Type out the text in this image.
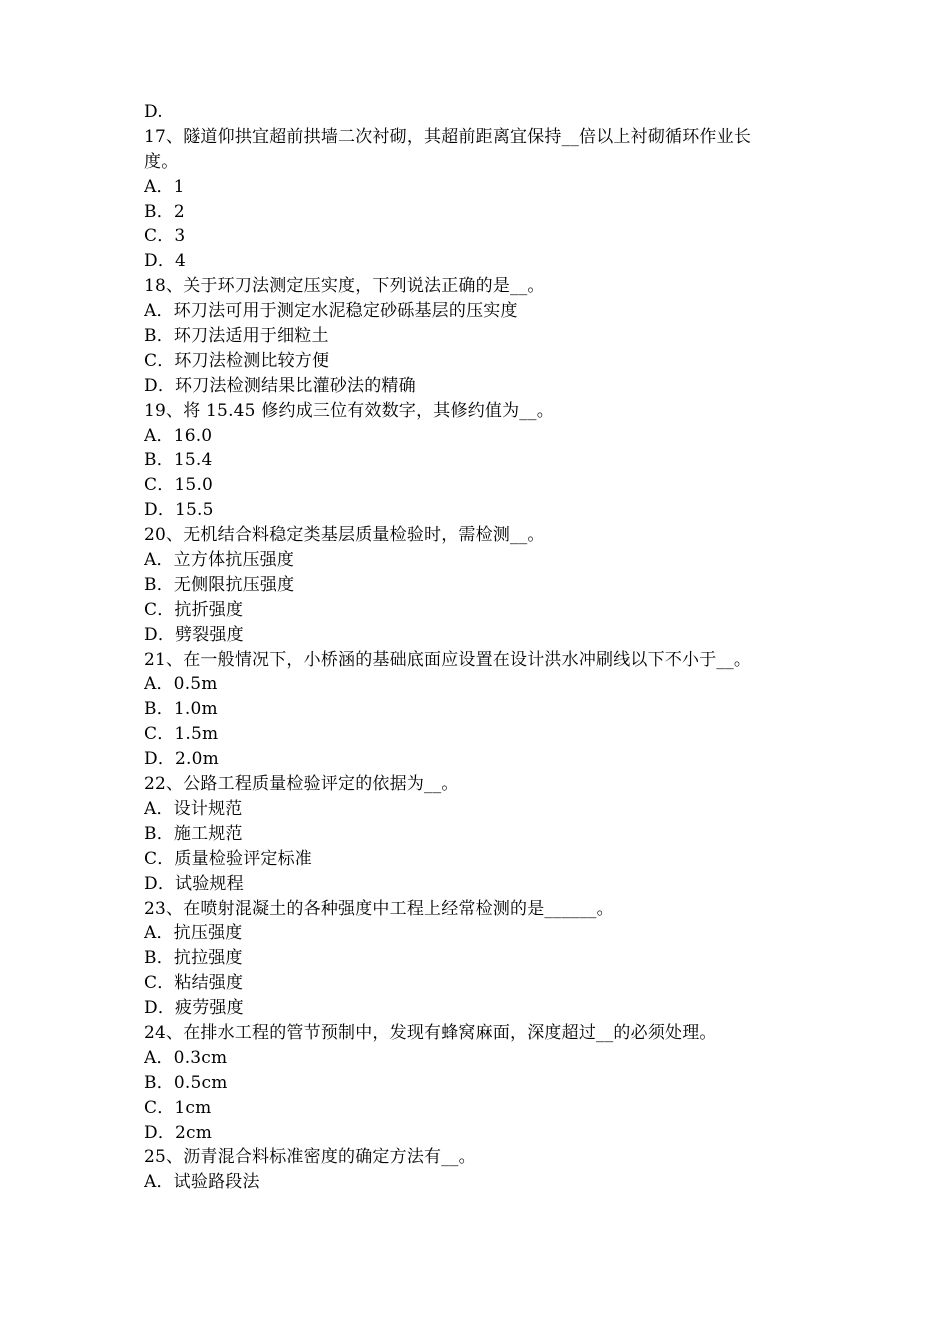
D.
17、隧道仰拱宜超前拱墙二次衬砌，其超前距离宜保持__倍以上衬砌循环作业长
度。
A．1
B．2
C．3
D．4
18、关于环刀法测定压实度，下列说法正确的是__。
A．环刀法可用于测定水泥稳定砂砾基层的压实度
B．环刀法适用于细粒土
C．环刀法检测比较方便
D．环刀法检测结果比灌砂法的精确
19、将 15.45 修约成三位有效数字，其修约值为__。
A．16.0
B．15.4
C．15.0
D．15.5
20、无机结合料稳定类基层质量检验时，需检测__。
A．立方体抗压强度
B．无侧限抗压强度
C．抗折强度
D．劈裂强度
21、在一般情况下，小桥涵的基础底面应设置在设计洪水冲刷线以下不小于__。
A．0.5m
B．1.0m
C．1.5m
D．2.0m
22、公路工程质量检验评定的依据为__。
A．设计规范
B．施工规范
C．质量检验评定标准
D．试验规程
23、在喷射混凝土的各种强度中工程上经常检测的是______。
A．抗压强度
B．抗拉强度
C．粘结强度
D．疲劳强度
24、在排水工程的管节预制中，发现有蜂窝麻面，深度超过__的必须处理。
A．0.3cm
B．0.5cm
C．1cm
D．2cm
25、沥青混合料标准密度的确定方法有__。
A．试验路段法
